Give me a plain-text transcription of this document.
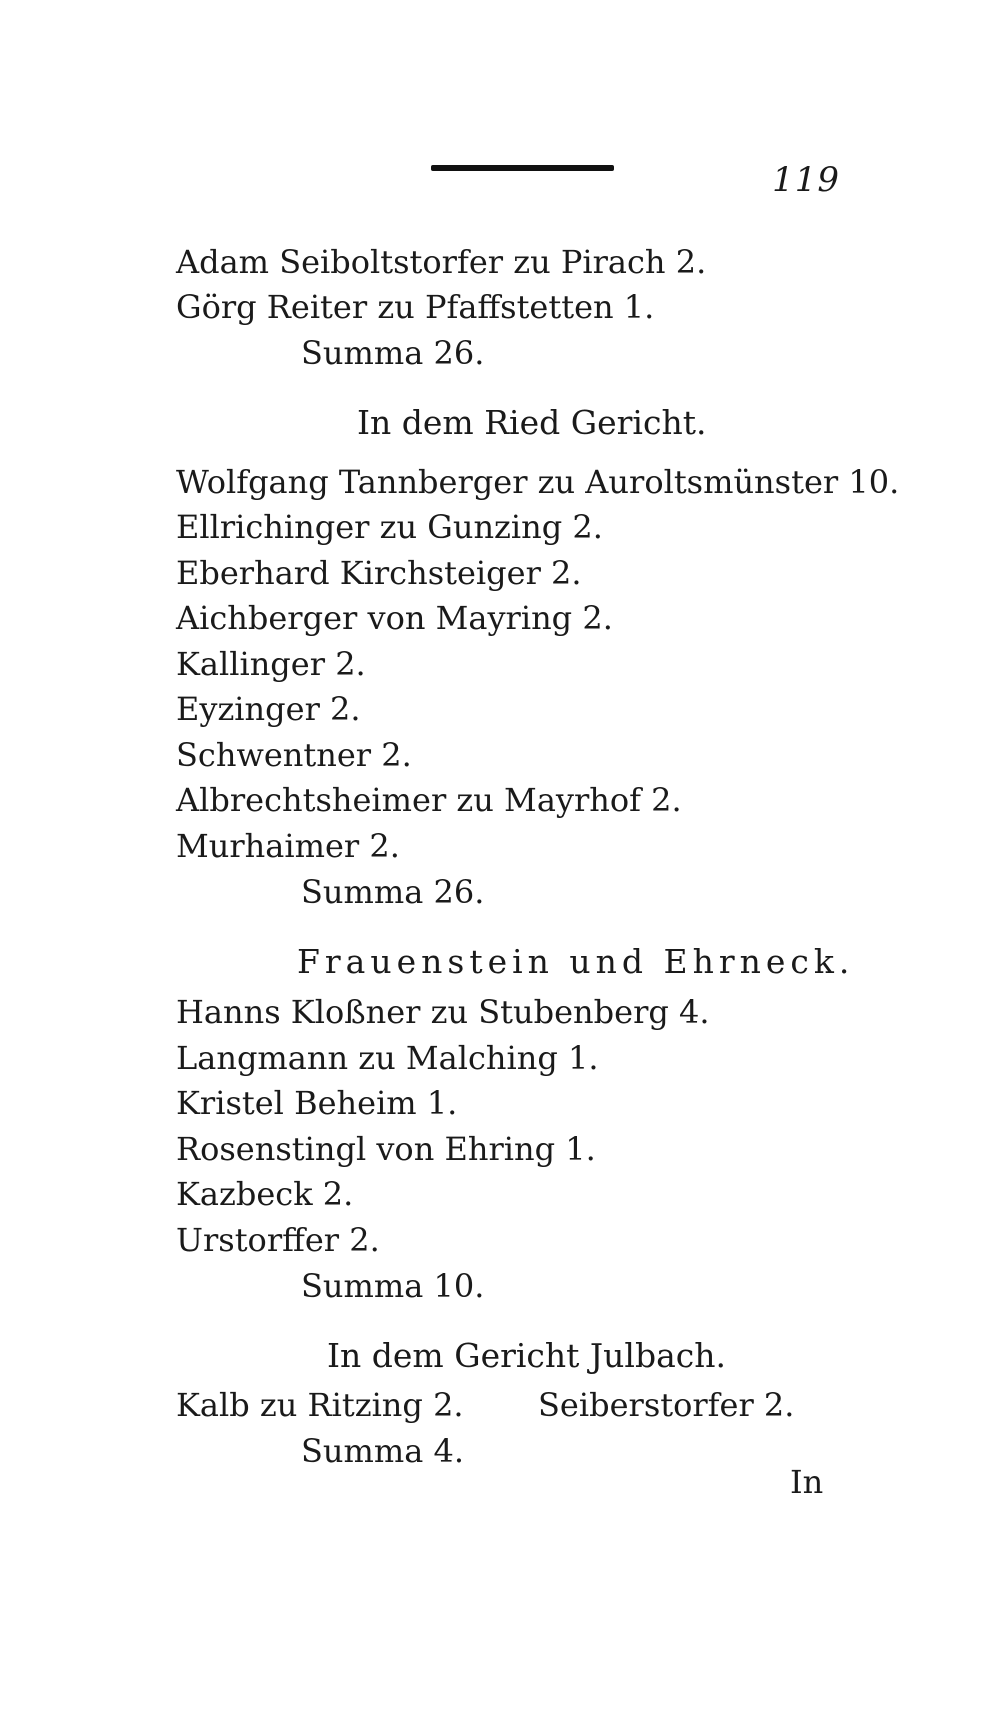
119
Adam Seiboltstorfer zu Pirach 2.
Görg Reiter zu Pfaffstetten 1.
Summa 26.
In dem Ried Gericht.
Wolfgang Tannberger zu Auroltsmünster 10.
Ellrichinger zu Gunzing 2.
Eberhard Kirchsteiger 2.
Aichberger von Mayring 2.
Kallinger 2.
Eyzinger 2.
Schwentner 2.
Albrechtsheimer zu Mayrhof 2.
Murhaimer 2.
Summa 26.
Frauenstein und Ehrneck.
Hanns Kloßner zu Stubenberg 4.
Langmann zu Malching 1.
Kristel Beheim 1.
Rosenstingl von Ehring 1.
Kazbeck 2.
Urstorffer 2.
Summa 10.
In dem Gericht Julbach.
Kalb zu Ritzing 2. Seiberstorfer 2.
Summa 4.
In
